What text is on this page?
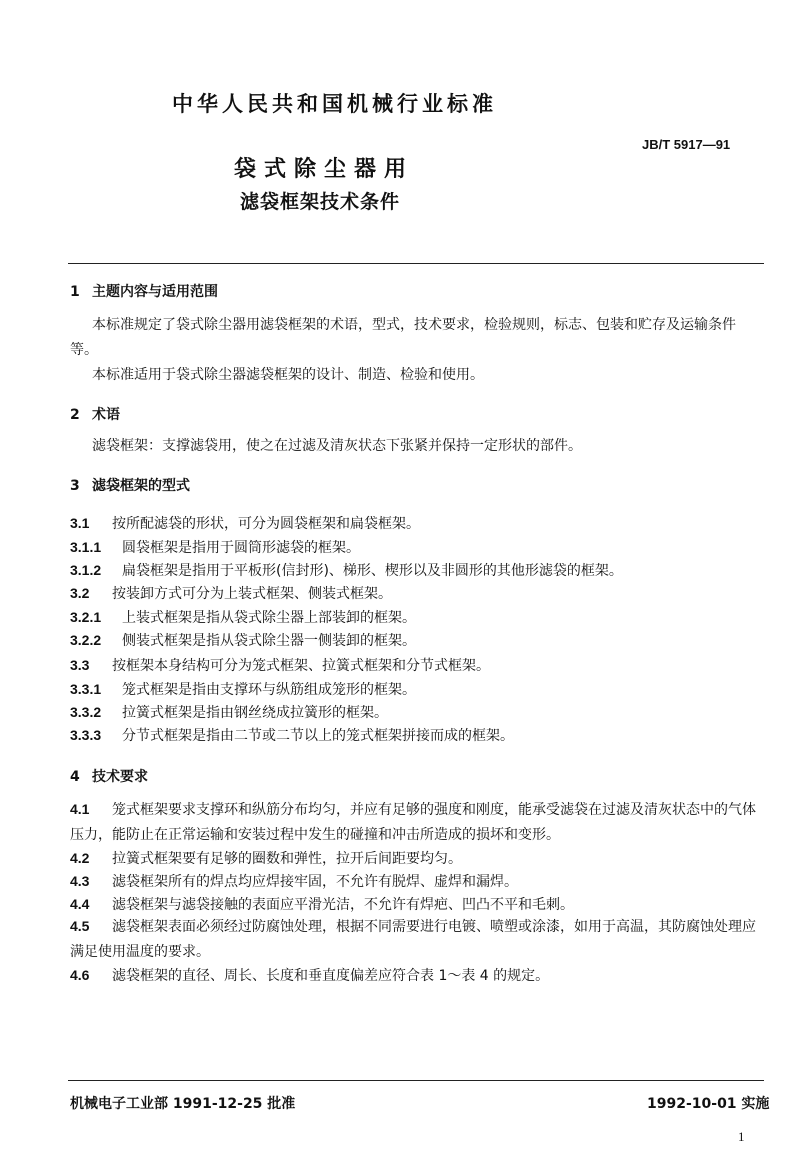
中华人民共和国机械行业标准
JB/T 5917—91
袋式除尘器用
滤袋框架技术条件
1 主题内容与适用范围
本标准规定了袋式除尘器用滤袋框架的术语，型式，技术要求，检验规则，标志、包装和贮存及运输条件等。
本标准适用于袋式除尘器滤袋框架的设计、制造、检验和使用。
2 术语
滤袋框架：支撑滤袋用，使之在过滤及清灰状态下张紧并保持一定形状的部件。
3 滤袋框架的型式
3.1 按所配滤袋的形状，可分为圆袋框架和扁袋框架。
3.1.1 圆袋框架是指用于圆筒形滤袋的框架。
3.1.2 扁袋框架是指用于平板形(信封形)、梯形、楔形以及非圆形的其他形滤袋的框架。
3.2 按装卸方式可分为上装式框架、侧装式框架。
3.2.1 上装式框架是指从袋式除尘器上部装卸的框架。
3.2.2 侧装式框架是指从袋式除尘器一侧装卸的框架。
3.3 按框架本身结构可分为笼式框架、拉簧式框架和分节式框架。
3.3.1 笼式框架是指由支撑环与纵筋组成笼形的框架。
3.3.2 拉簧式框架是指由钢丝绕成拉簧形的框架。
3.3.3 分节式框架是指由二节或二节以上的笼式框架拼接而成的框架。
4 技术要求
4.1 笼式框架要求支撑环和纵筋分布均匀，并应有足够的强度和刚度，能承受滤袋在过滤及清灰状态中的气体压力，能防止在正常运输和安装过程中发生的碰撞和冲击所造成的损坏和变形。
4.2 拉簧式框架要有足够的圈数和弹性，拉开后间距要均匀。
4.3 滤袋框架所有的焊点均应焊接牢固，不允许有脱焊、虚焊和漏焊。
4.4 滤袋框架与滤袋接触的表面应平滑光洁，不允许有焊疤、凹凸不平和毛刺。
4.5 滤袋框架表面必须经过防腐蚀处理，根据不同需要进行电镀、喷塑或涂漆，如用于高温，其防腐蚀处理应满足使用温度的要求。
4.6 滤袋框架的直径、周长、长度和垂直度偏差应符合表 1～表 4 的规定。
机械电子工业部 1991-12-25 批准	1992-10-01 实施
1
